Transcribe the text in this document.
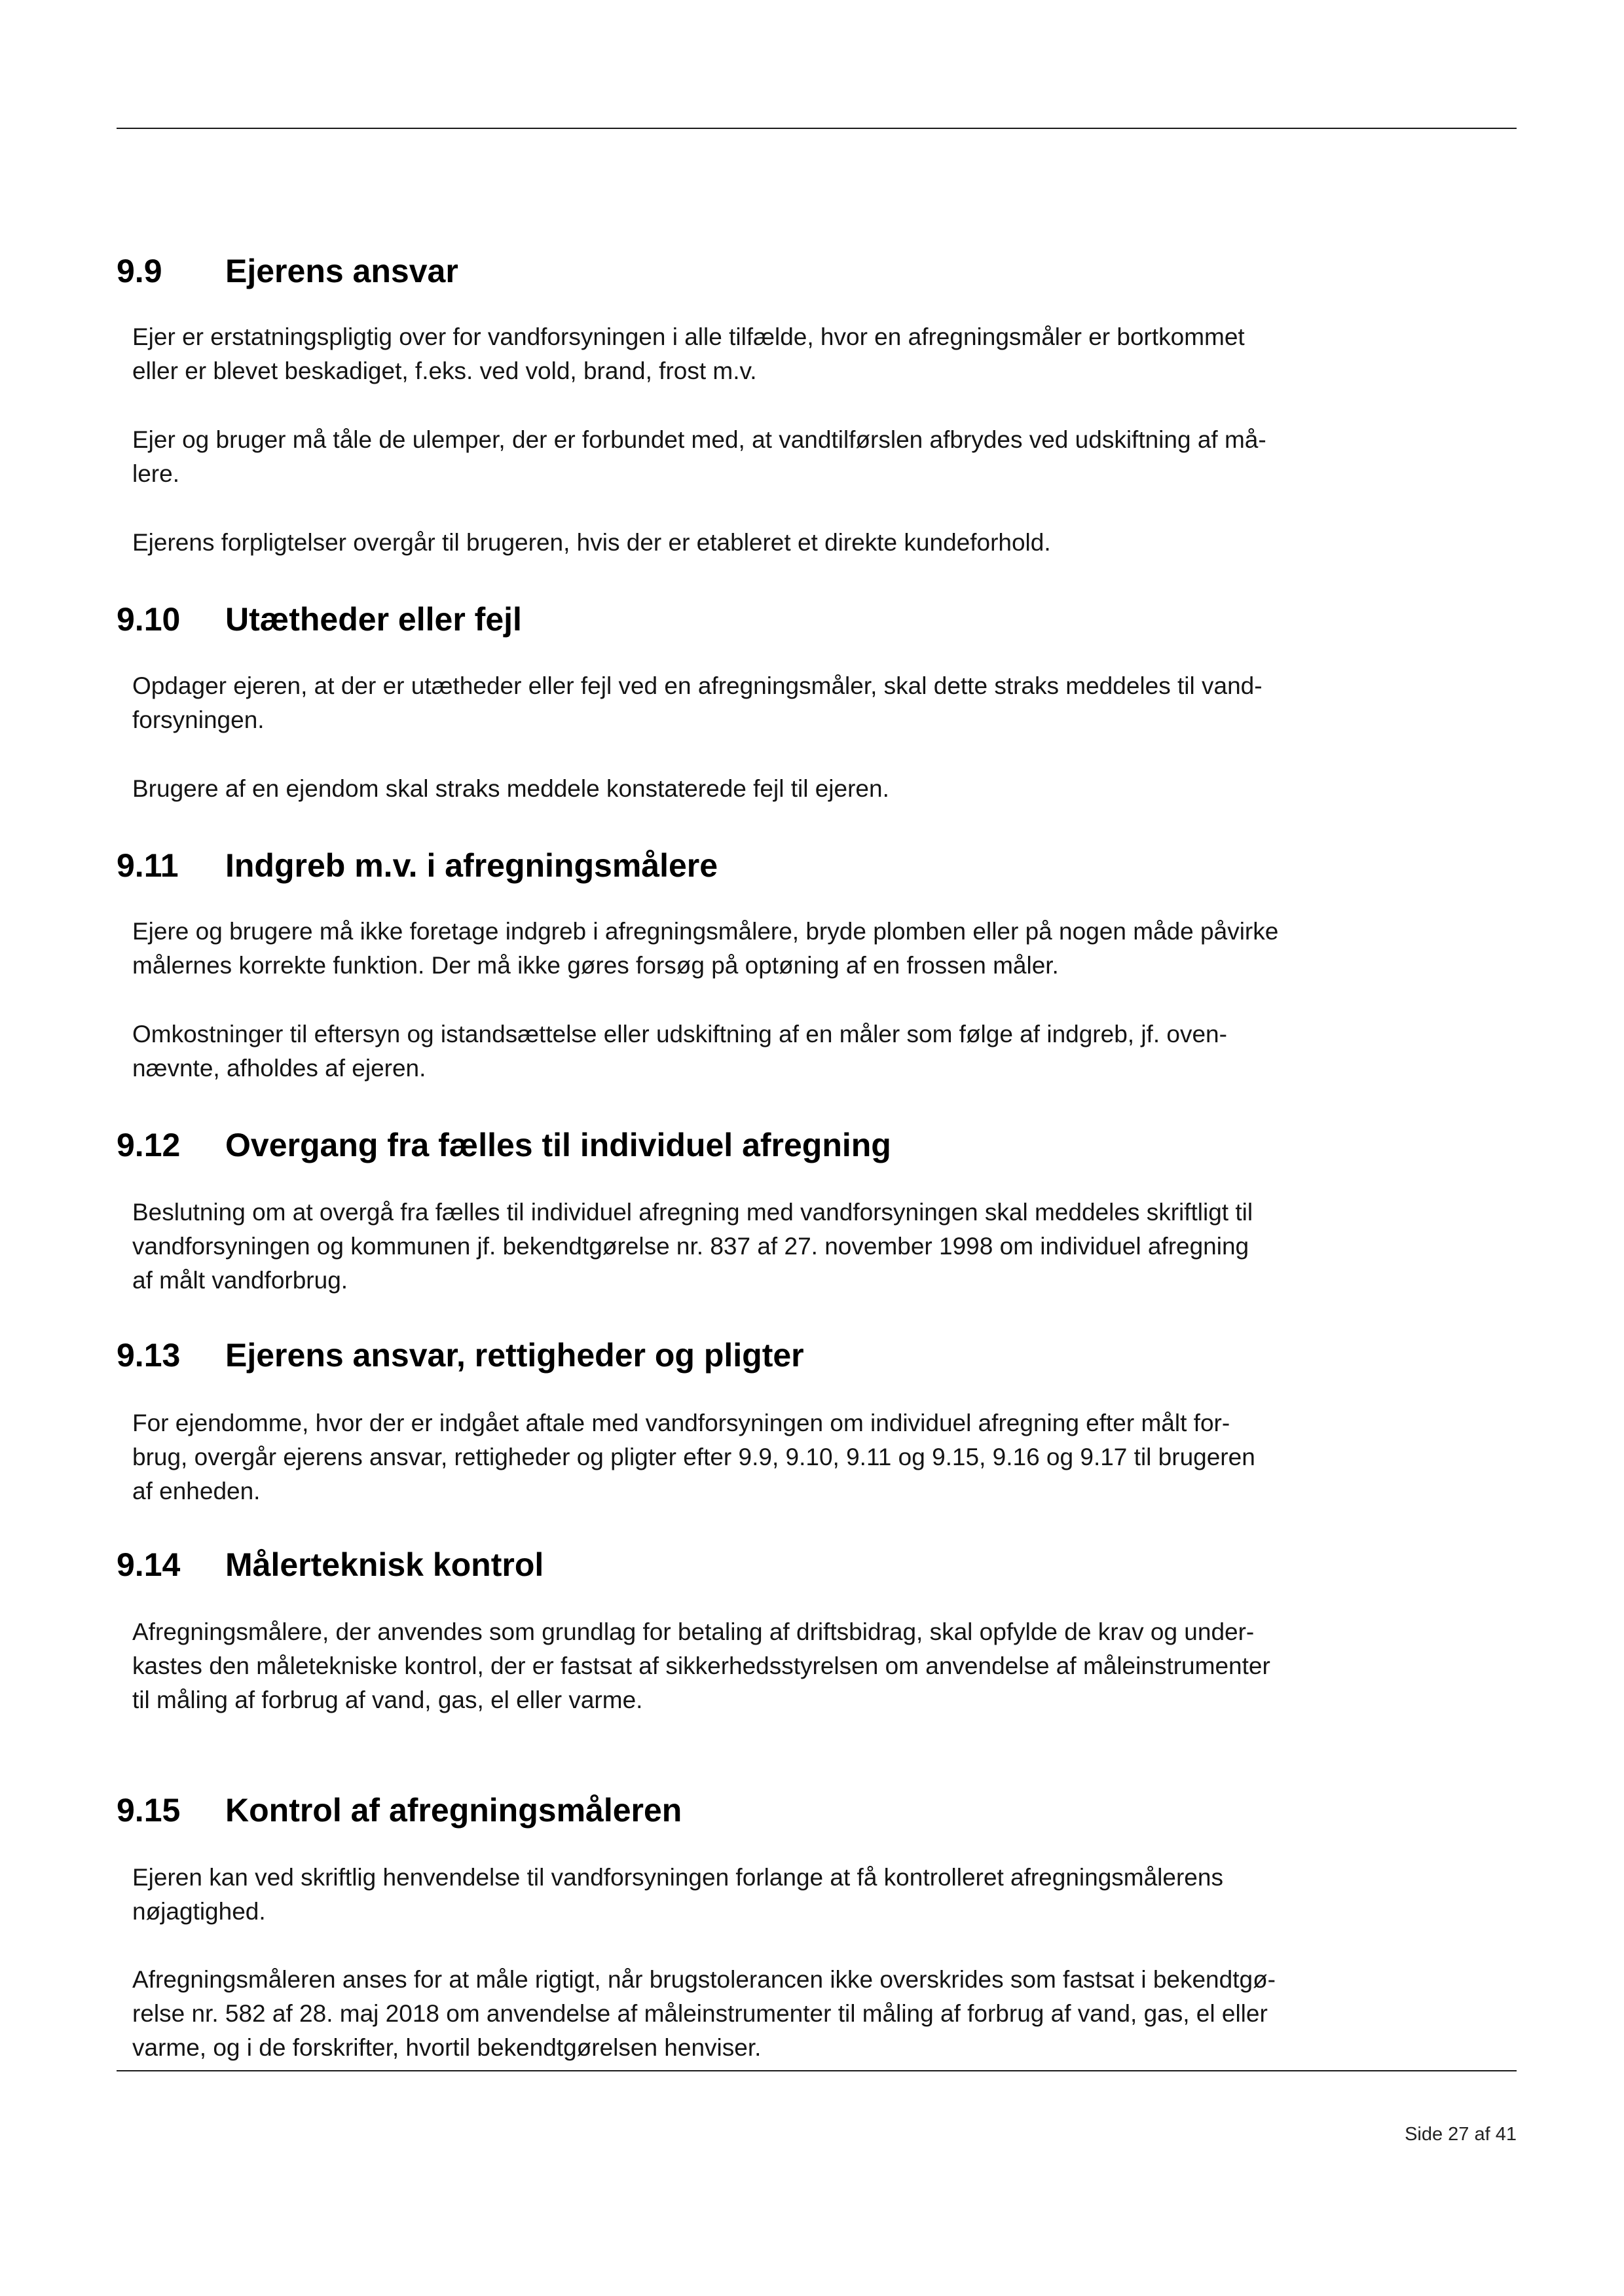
9.9 Ejerens ansvar
Ejer er erstatningspligtig over for vandforsyningen i alle tilfælde, hvor en afregningsmåler er bortkommet
eller er blevet beskadiget, f.eks. ved vold, brand, frost m.v.
Ejer og bruger må tåle de ulemper, der er forbundet med, at vandtilførslen afbrydes ved udskiftning af må-
lere.
Ejerens forpligtelser overgår til brugeren, hvis der er etableret et direkte kundeforhold.
9.10 Utætheder eller fejl
Opdager ejeren, at der er utætheder eller fejl ved en afregningsmåler, skal dette straks meddeles til vand-
forsyningen.
Brugere af en ejendom skal straks meddele konstaterede fejl til ejeren.
9.11 Indgreb m.v. i afregningsmålere
Ejere og brugere må ikke foretage indgreb i afregningsmålere, bryde plomben eller på nogen måde påvirke
målernes korrekte funktion. Der må ikke gøres forsøg på optøning af en frossen måler.
Omkostninger til eftersyn og istandsættelse eller udskiftning af en måler som følge af indgreb, jf. oven-
nævnte, afholdes af ejeren.
9.12 Overgang fra fælles til individuel afregning
Beslutning om at overgå fra fælles til individuel afregning med vandforsyningen skal meddeles skriftligt til
vandforsyningen og kommunen jf. bekendtgørelse nr. 837 af 27. november 1998 om individuel afregning
af målt vandforbrug.
9.13 Ejerens ansvar, rettigheder og pligter
For ejendomme, hvor der er indgået aftale med vandforsyningen om individuel afregning efter målt for-
brug, overgår ejerens ansvar, rettigheder og pligter efter 9.9, 9.10, 9.11 og 9.15, 9.16 og 9.17 til brugeren
af enheden.
9.14 Målerteknisk kontrol
Afregningsmålere, der anvendes som grundlag for betaling af driftsbidrag, skal opfylde de krav og under-
kastes den måletekniske kontrol, der er fastsat af sikkerhedsstyrelsen om anvendelse af måleinstrumenter
til måling af forbrug af vand, gas, el eller varme.
9.15 Kontrol af afregningsmåleren
Ejeren kan ved skriftlig henvendelse til vandforsyningen forlange at få kontrolleret afregningsmålerens
nøjagtighed.
Afregningsmåleren anses for at måle rigtigt, når brugstolerancen ikke overskrides som fastsat i bekendtgø-
relse nr. 582 af 28. maj 2018 om anvendelse af måleinstrumenter til måling af forbrug af vand, gas, el eller
varme, og i de forskrifter, hvortil bekendtgørelsen henviser.
Side 27 af 41
